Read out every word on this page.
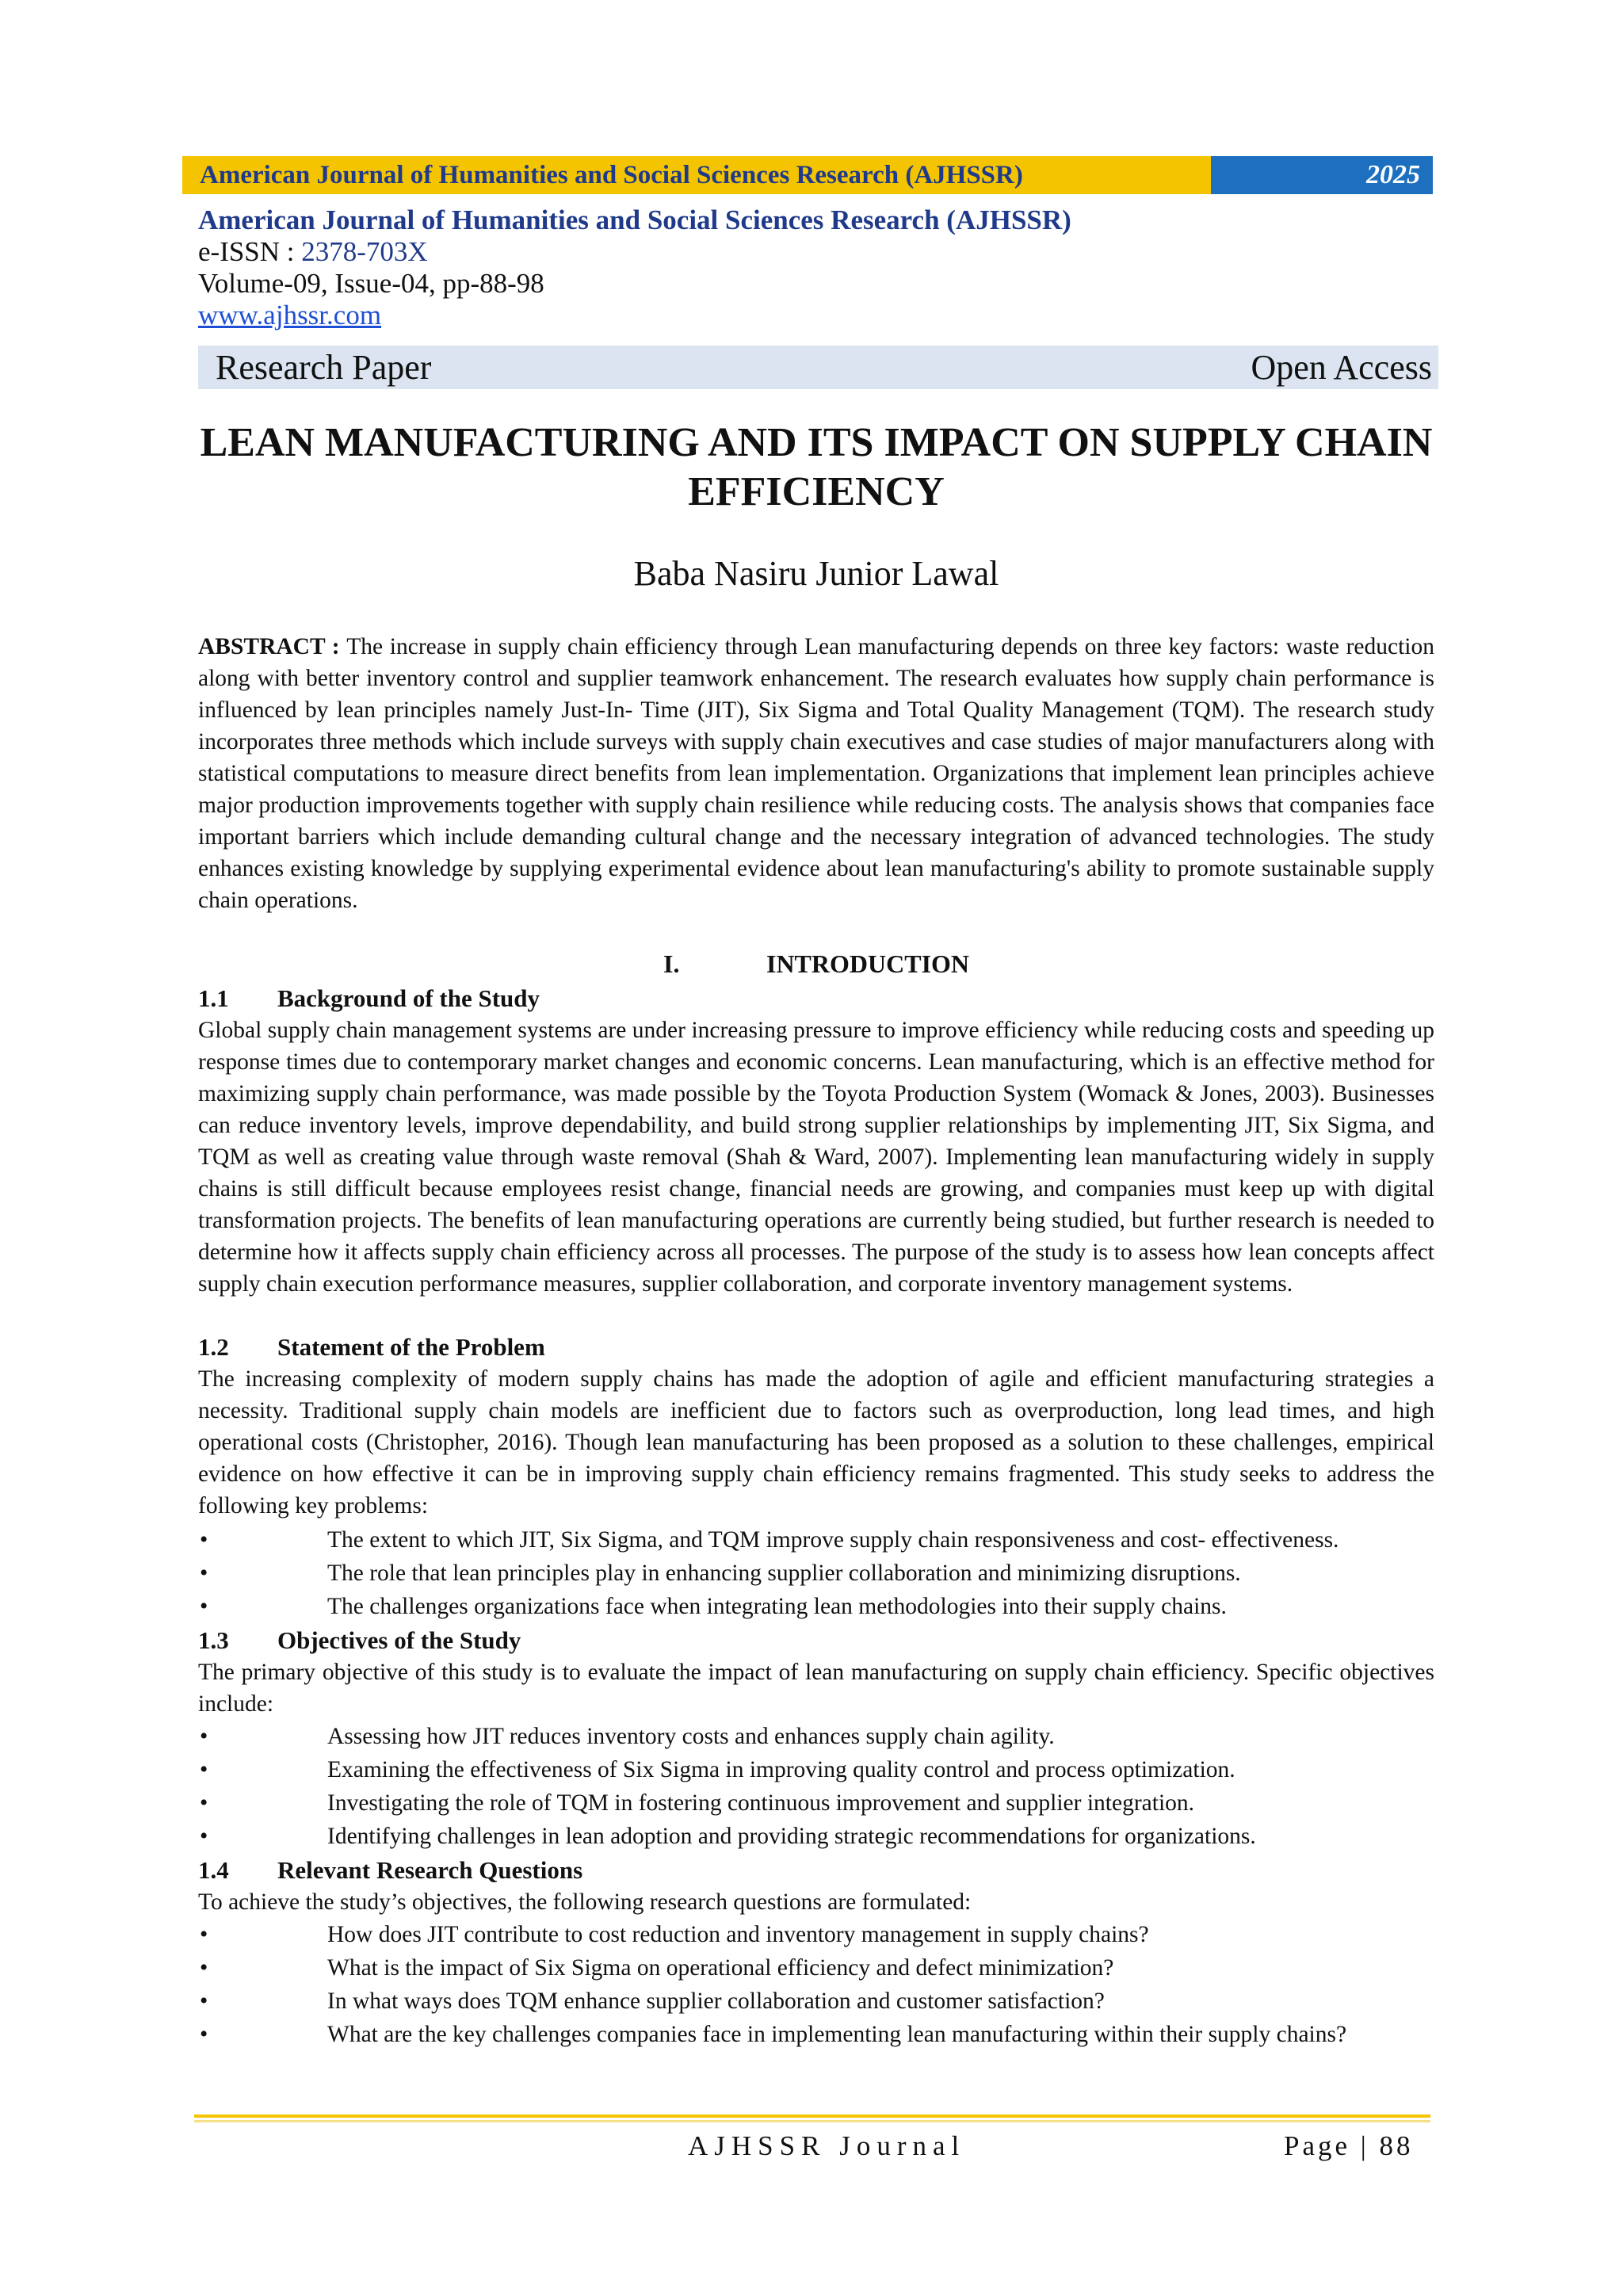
American Journal of Humanities and Social Sciences Research (AJHSSR)	2025
American Journal of Humanities and Social Sciences Research (AJHSSR)
e-ISSN : 2378-703X
Volume-09, Issue-04, pp-88-98
www.ajhssr.com
Research Paper	Open Access
LEAN MANUFACTURING AND ITS IMPACT ON SUPPLY CHAIN EFFICIENCY
Baba Nasiru Junior Lawal
ABSTRACT : The increase in supply chain efficiency through Lean manufacturing depends on three key factors: waste reduction along with better inventory control and supplier teamwork enhancement. The research evaluates how supply chain performance is influenced by lean principles namely Just-In- Time (JIT), Six Sigma and Total Quality Management (TQM). The research study incorporates three methods which include surveys with supply chain executives and case studies of major manufacturers along with statistical computations to measure direct benefits from lean implementation. Organizations that implement lean principles achieve major production improvements together with supply chain resilience while reducing costs. The analysis shows that companies face important barriers which include demanding cultural change and the necessary integration of advanced technologies. The study enhances existing knowledge by supplying experimental evidence about lean manufacturing's ability to promote sustainable supply chain operations.
I.	INTRODUCTION
1.1 Background of the Study
Global supply chain management systems are under increasing pressure to improve efficiency while reducing costs and speeding up response times due to contemporary market changes and economic concerns. Lean manufacturing, which is an effective method for maximizing supply chain performance, was made possible by the Toyota Production System (Womack & Jones, 2003). Businesses can reduce inventory levels, improve dependability, and build strong supplier relationships by implementing JIT, Six Sigma, and TQM as well as creating value through waste removal (Shah & Ward, 2007). Implementing lean manufacturing widely in supply chains is still difficult because employees resist change, financial needs are growing, and companies must keep up with digital transformation projects. The benefits of lean manufacturing operations are currently being studied, but further research is needed to determine how it affects supply chain efficiency across all processes. The purpose of the study is to assess how lean concepts affect supply chain execution performance measures, supplier collaboration, and corporate inventory management systems.
1.2 Statement of the Problem
The increasing complexity of modern supply chains has made the adoption of agile and efficient manufacturing strategies a necessity. Traditional supply chain models are inefficient due to factors such as overproduction, long lead times, and high operational costs (Christopher, 2016). Though lean manufacturing has been proposed as a solution to these challenges, empirical evidence on how effective it can be in improving supply chain efficiency remains fragmented. This study seeks to address the following key problems:
•	The extent to which JIT, Six Sigma, and TQM improve supply chain responsiveness and cost- effectiveness.
•	The role that lean principles play in enhancing supplier collaboration and minimizing disruptions.
•	The challenges organizations face when integrating lean methodologies into their supply chains.
1.3 Objectives of the Study
The primary objective of this study is to evaluate the impact of lean manufacturing on supply chain efficiency. Specific objectives include:
•	Assessing how JIT reduces inventory costs and enhances supply chain agility.
•	Examining the effectiveness of Six Sigma in improving quality control and process optimization.
•	Investigating the role of TQM in fostering continuous improvement and supplier integration.
•	Identifying challenges in lean adoption and providing strategic recommendations for organizations.
1.4 Relevant Research Questions
To achieve the study’s objectives, the following research questions are formulated:
•	How does JIT contribute to cost reduction and inventory management in supply chains?
•	What is the impact of Six Sigma on operational efficiency and defect minimization?
•	In what ways does TQM enhance supplier collaboration and customer satisfaction?
•	What are the key challenges companies face in implementing lean manufacturing within their supply chains?
AJHSSR Journal	Page | 88
